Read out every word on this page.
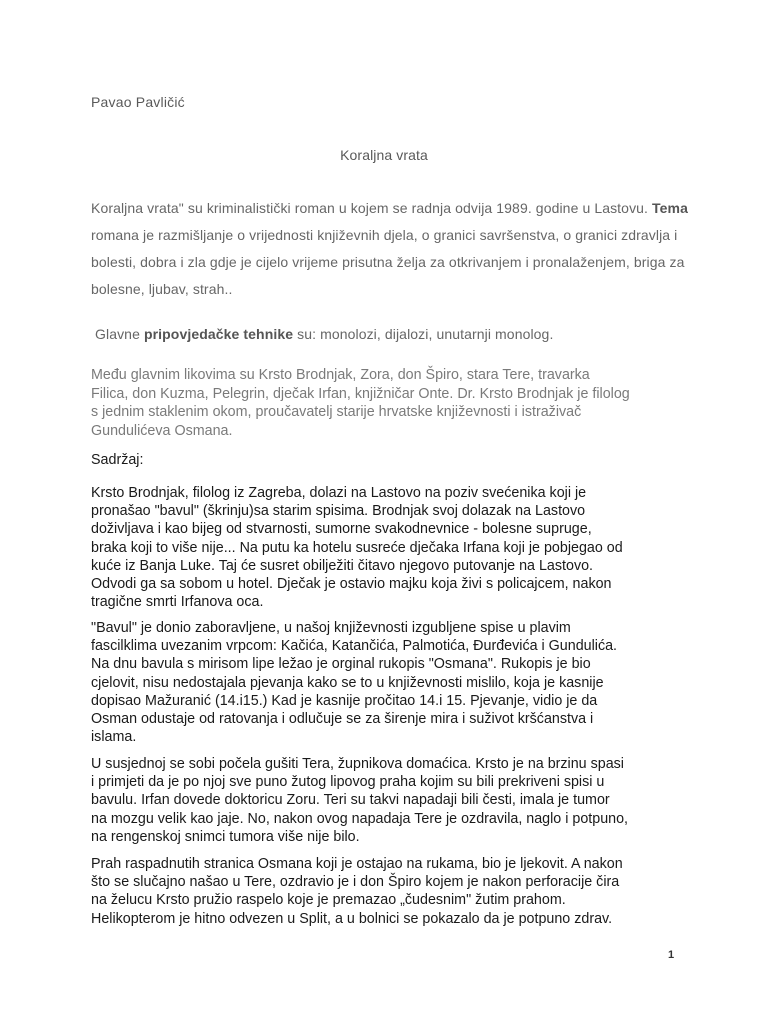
Pavao Pavličić
Koraljna vrata
Koraljna vrata" su kriminalistički roman u kojem se radnja odvija 1989. godine u Lastovu. Tema romana je razmišljanje o vrijednosti književnih djela, o granici savršenstva, o granici zdravlja i bolesti, dobra i zla gdje je cijelo vrijeme prisutna želja za otkrivanjem i pronalaženjem, briga za bolesne, ljubav, strah..
Glavne pripovjedačke tehnike su: monolozi, dijalozi, unutarnji monolog.
Među glavnim likovima su Krsto Brodnjak, Zora, don Špiro, stara Tere, travarka
Filica, don Kuzma, Pelegrin, dječak Irfan, knjižničar Onte. Dr. Krsto Brodnjak je filolog
s jednim staklenim okom, proučavatelj starije hrvatske književnosti i istraživač
Gundulićeva Osmana.
Sadržaj:
Krsto Brodnjak, filolog iz Zagreba, dolazi na Lastovo na poziv svećenika koji je
pronašao "bavul" (škrinju)sa starim spisima. Brodnjak svoj dolazak na Lastovo
doživljava i kao bijeg od stvarnosti, sumorne svakodnevnice - bolesne supruge,
braka koji to više nije... Na putu ka hotelu susreće dječaka Irfana koji je pobjegao od
kuće iz Banja Luke. Taj će susret obilježiti čitavo njegovo putovanje na Lastovo.
Odvodi ga sa sobom u hotel. Dječak je ostavio majku koja živi s policajcem, nakon
tragične smrti Irfanova oca.
"Bavul" je donio zaboravljene, u našoj književnosti izgubljene spise u plavim
fascilklima uvezanim vrpcom: Kačića, Katančića, Palmotića, Đurđevića i Gundulića.
Na dnu bavula s mirisom lipe ležao je orginal rukopis "Osmana". Rukopis je bio
cjelovit, nisu nedostajala pjevanja kako se to u književnosti mislilo, koja je kasnije
dopisao Mažuranić (14.i15.) Kad je kasnije pročitao 14.i 15. Pjevanje, vidio je da
Osman odustaje od ratovanja i odlučuje se za širenje mira i suživot kršćanstva i
islama.
U susjednoj se sobi počela gušiti Tera, župnikova domaćica. Krsto je na brzinu spasi
i primjeti da je po njoj sve puno žutog lipovog praha kojim su bili prekriveni spisi u
bavulu. Irfan dovede doktoricu Zoru. Teri su takvi napadaji bili česti, imala je tumor
na mozgu velik kao jaje. No, nakon ovog napadaja Tere je ozdravila, naglo i potpuno,
na rengenskoj snimci tumora više nije bilo.
Prah raspadnutih stranica Osmana koji je ostajao na rukama, bio je ljekovit. A nakon
što se slučajno našao u Tere, ozdravio je i don Špiro kojem je nakon perforacije čira
na želucu Krsto pružio raspelo koje je premazao „čudesnim" žutim prahom.
Helikopterom je hitno odvezen u Split, a u bolnici se pokazalo da je potpuno zdrav.
1
